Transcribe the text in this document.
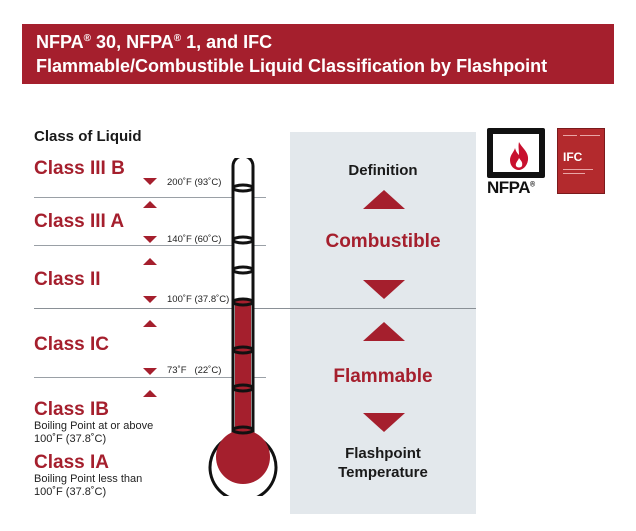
NFPA® 30, NFPA® 1, and IFC
Flammable/Combustible Liquid Classification by Flashpoint
Class of Liquid
Class III B
Class III A
Class II
Class IC
Class IB
Boiling Point at or above
100˚F (37.8˚C)
Class IA
Boiling Point less than
100˚F (37.8˚C)
200˚F (93˚C)
140˚F (60˚C)
100˚F (37.8˚C)
73˚F   (22˚C)
Definition
Combustible
Flammable
Flashpoint
Temperature
NFPA®
IFC
